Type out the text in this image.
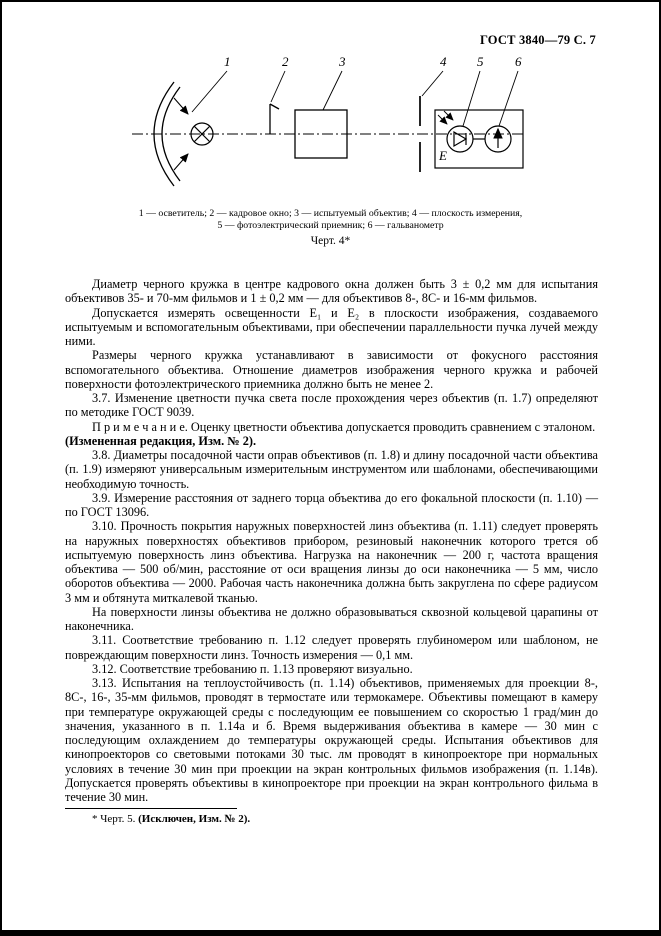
ГОСТ 3840—79 С. 7
Е
1	2	3	4 5 6
1 — осветитель; 2 — кадровое окно; 3 — испытуемый объектив; 4 — плоскость измерения,
5 — фотоэлектрический приемник; 6 — гальванометр
Черт. 4*

Диаметр черного кружка в центре кадрового окна должен быть 3 ± 0,2 мм для испытания объективов 35- и 70-мм фильмов и 1 ± 0,2 мм — для объективов 8-, 8С- и 16-мм фильмов.

Допускается измерять освещенности Е₁ и Е₂ в плоскости изображения, создаваемого испытуемым и вспомогательным объективами, при обеспечении параллельности пучка лучей между ними.

Размеры черного кружка устанавливают в зависимости от фокусного расстояния вспомогательного объектива. Отношение диаметров изображения черного кружка и рабочей поверхности фотоэлектрического приемника должно быть не менее 2.

3.7. Изменение цветности пучка света после прохождения через объектив (п. 1.7) определяют по методике ГОСТ 9039.

П р и м е ч а н и е. Оценку цветности объектива допускается проводить сравнением с эталоном.

(Измененная редакция, Изм. № 2).

3.8. Диаметры посадочной части оправ объективов (п. 1.8) и длину посадочной части объектива (п. 1.9) измеряют универсальным измерительным инструментом или шаблонами, обеспечивающими необходимую точность.

3.9. Измерение расстояния от заднего торца объектива до его фокальной плоскости (п. 1.10) — по ГОСТ 13096.

3.10. Прочность покрытия наружных поверхностей линз объектива (п. 1.11) следует проверять на наружных поверхностях объективов прибором, резиновый наконечник которого трется об испытуемую поверхность линз объектива. Нагрузка на наконечник — 200 г, частота вращения объектива — 500 об/мин, расстояние от оси вращения линзы до оси наконечника — 5 мм, число оборотов объектива — 2000. Рабочая часть наконечника должна быть закруглена по сфере радиусом 3 мм и обтянута миткалевой тканью.

На поверхности линзы объектива не должно образовываться сквозной кольцевой царапины от наконечника.

3.11. Соответствие требованию п. 1.12 следует проверять глубиномером или шаблоном, не повреждающим поверхности линз. Точность измерения — 0,1 мм.

3.12. Соответствие требованию п. 1.13 проверяют визуально.

3.13. Испытания на теплоустойчивость (п. 1.14) объективов, применяемых для проекции 8-, 8С-, 16-, 35-мм фильмов, проводят в термостате или термокамере. Объективы помещают в камеру при температуре окружающей среды с последующим ее повышением со скоростью 1 град/мин до значения, указанного в п. 1.14а и б. Время выдерживания объектива в камере — 30 мин с последующим охлаждением до температуры окружающей среды. Испытания объективов для кинопроекторов со световыми потоками 30 тыс. лм проводят в кинопроекторе при нормальных условиях в течение 30 мин при проекции на экран контрольных фильмов изображения (п. 1.14в). Допускается проверять объективы в кинопроекторе при проекции на экран контрольного фильма в течение 30 мин.

* Черт. 5. (Исключен, Изм. № 2).
